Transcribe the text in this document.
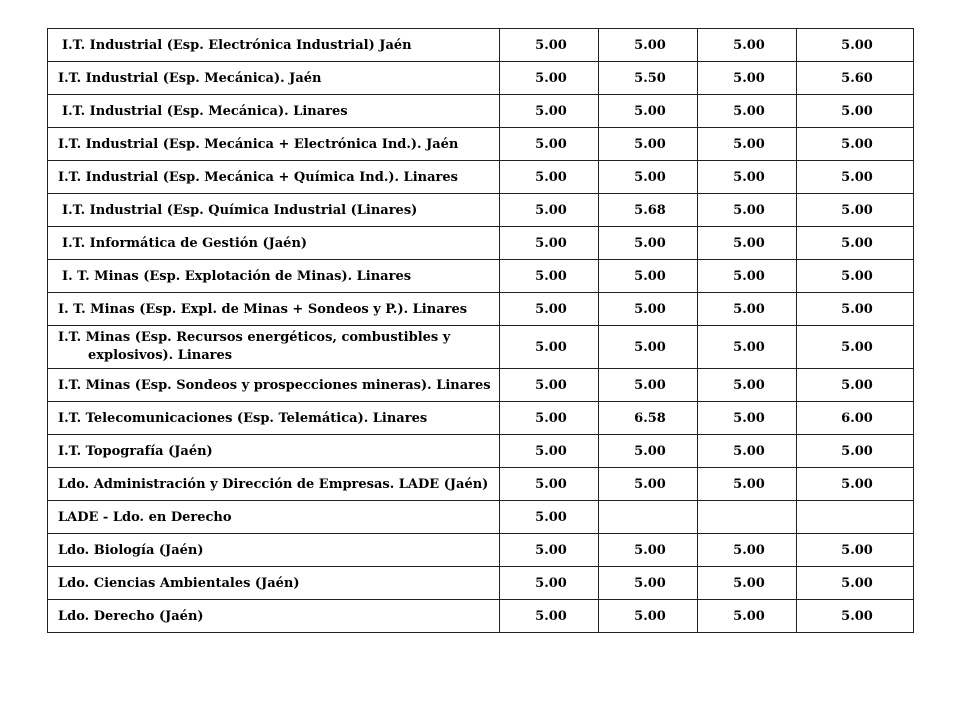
I.T. Industrial (Esp. Electrónica Industrial) Jaén	5.00	5.00	5.00	5.00
I.T. Industrial (Esp. Mecánica). Jaén	5.00	5.50	5.00	5.60
I.T. Industrial (Esp. Mecánica). Linares	5.00	5.00	5.00	5.00
I.T. Industrial (Esp. Mecánica + Electrónica Ind.). Jaén	5.00	5.00	5.00	5.00
I.T. Industrial (Esp. Mecánica + Química Ind.). Linares	5.00	5.00	5.00	5.00
I.T. Industrial (Esp. Química Industrial (Linares)	5.00	5.68	5.00	5.00
I.T. Informática de Gestión (Jaén)	5.00	5.00	5.00	5.00
I. T. Minas (Esp. Explotación de Minas). Linares	5.00	5.00	5.00	5.00
I. T. Minas (Esp. Expl. de Minas + Sondeos y P.). Linares	5.00	5.00	5.00	5.00
I.T. Minas (Esp. Recursos energéticos, combustibles y
explosivos). Linares	5.00	5.00	5.00	5.00
I.T. Minas (Esp. Sondeos y prospecciones mineras). Linares	5.00	5.00	5.00	5.00
I.T. Telecomunicaciones (Esp. Telemática). Linares	5.00	6.58	5.00	6.00
I.T. Topografía (Jaén)	5.00	5.00	5.00	5.00
Ldo. Administración y Dirección de Empresas. LADE (Jaén)	5.00	5.00	5.00	5.00
LADE - Ldo. en Derecho	5.00			
Ldo. Biología (Jaén)	5.00	5.00	5.00	5.00
Ldo. Ciencias Ambientales (Jaén)	5.00	5.00	5.00	5.00
Ldo. Derecho (Jaén)	5.00	5.00	5.00	5.00
